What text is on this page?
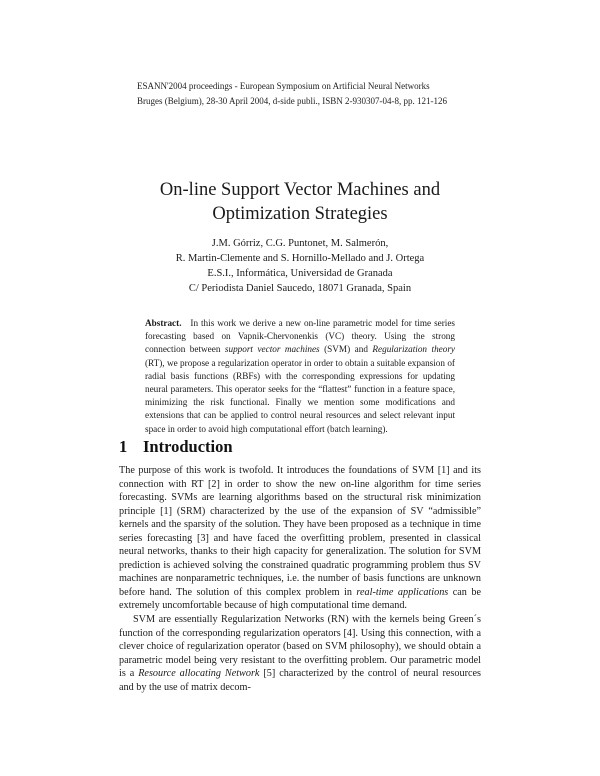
ESANN'2004 proceedings - European Symposium on Artificial Neural Networks
Bruges (Belgium), 28-30 April 2004, d-side publi., ISBN 2-930307-04-8, pp. 121-126
On-line Support Vector Machines and
Optimization Strategies
J.M. Górriz, C.G. Puntonet, M. Salmerón,
R. Martin-Clemente and S. Hornillo-Mellado and J. Ortega
E.S.I., Informática, Universidad de Granada
C/ Periodista Daniel Saucedo, 18071 Granada, Spain
Abstract. In this work we derive a new on-line parametric model for time series forecasting based on Vapnik-Chervonenkis (VC) theory. Using the strong connection between support vector machines (SVM) and Regularization theory (RT), we propose a regularization operator in order to obtain a suitable expansion of radial basis functions (RBFs) with the corresponding expressions for updating neural parameters. This operator seeks for the “flattest” function in a feature space, minimizing the risk functional. Finally we mention some modifications and extensions that can be applied to control neural resources and select relevant input space in order to avoid high computational effort (batch learning).
1 Introduction

The purpose of this work is twofold. It introduces the foundations of SVM [1] and its connection with RT [2] in order to show the new on-line algorithm for time series forecasting. SVMs are learning algorithms based on the structural risk minimization principle [1] (SRM) characterized by the use of the expansion of SV “admissible” kernels and the sparsity of the solution. They have been proposed as a technique in time series forecasting [3] and have faced the overfitting problem, presented in classical neural networks, thanks to their high capacity for generalization. The solution for SVM prediction is achieved solving the constrained quadratic programming problem thus SV machines are nonparametric techniques, i.e. the number of basis functions are unknown before hand. The solution of this complex problem in real-time applications can be extremely uncomfortable because of high computational time demand.

SVM are essentially Regularization Networks (RN) with the kernels being Green´s function of the corresponding regularization operators [4]. Using this connection, with a clever choice of regularization operator (based on SVM philosophy), we should obtain a parametric model being very resistant to the overfitting problem. Our parametric model is a Resource allocating Network [5] characterized by the control of neural resources and by the use of matrix decom-
